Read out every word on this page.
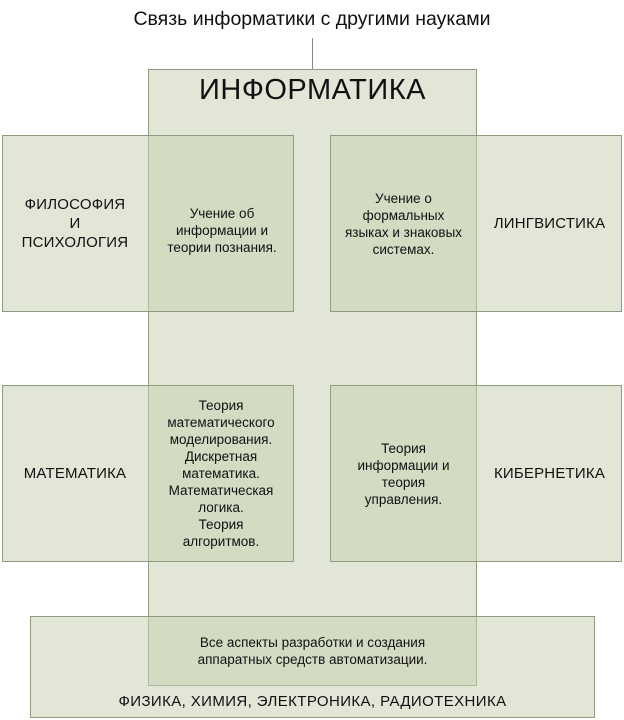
Связь информатики с другими науками
ИНФОРМАТИКА
ФИЛОСОФИЯ
И
ПСИХОЛОГИЯ
ЛИНГВИСТИКА
МАТЕМАТИКА	КИБЕРНЕТИКА
ФИЗИКА, ХИМИЯ, ЭЛЕКТРОНИКА, РАДИОТЕХНИКА
Учение об
информации и
теории познания.
Учение о
формальных
языках и знаковых
системах.
Теория
математического
моделирования.
Дискретная
математика.
Математическая
логика.
Теория
алгоритмов.
Теория
информации и
теория
управления.
Все аспекты разработки и создания
аппаратных средств автоматизации.
